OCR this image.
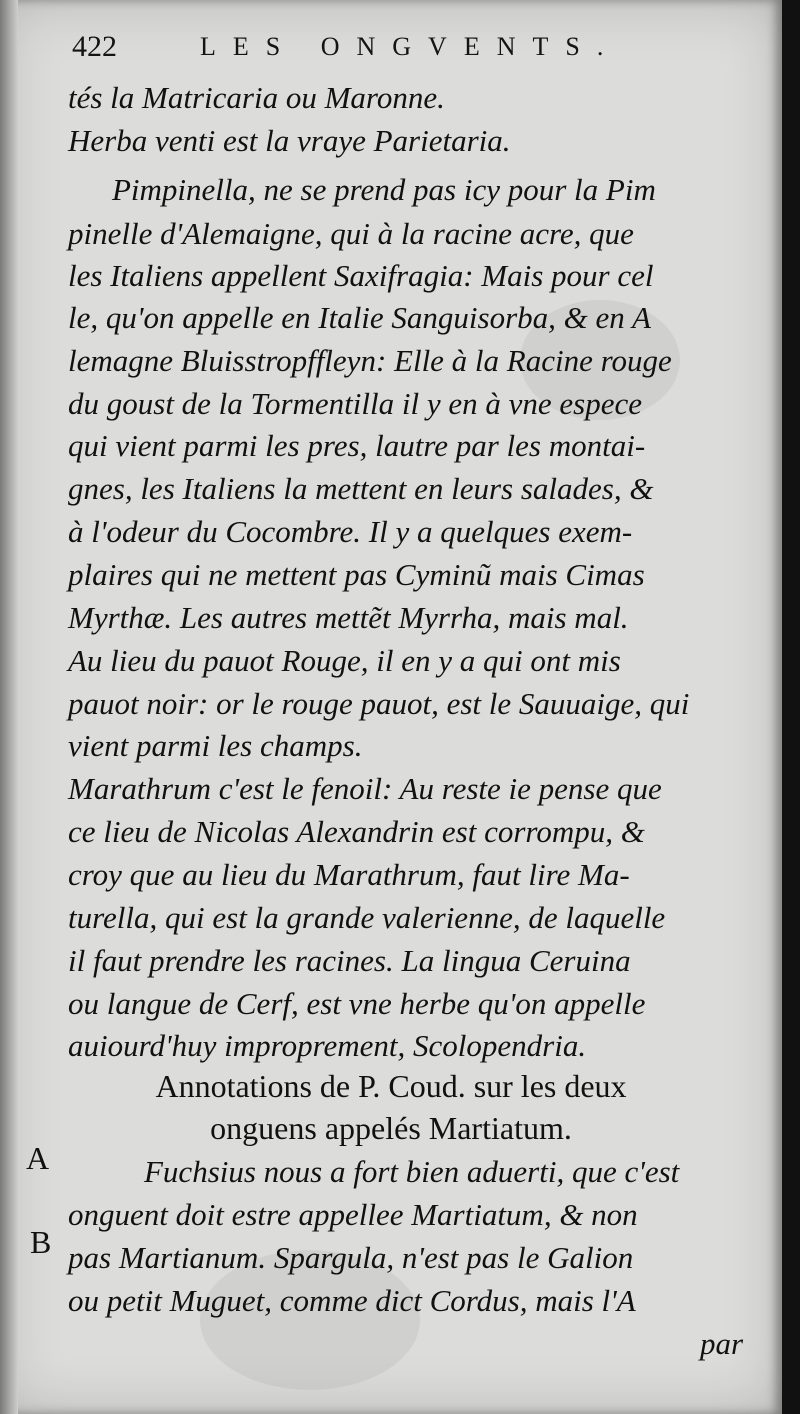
422	LES ONGVENTS.
tés la Matricaria ou Maronne.
Herba venti est la vraye Parietaria.
Pimpinella, ne se prend pas icy pour la Pim
pinelle d'Alemaigne, qui à la racine acre, que
les Italiens appellent Saxifragia: Mais pour cel
le, qu'on appelle en Italie Sanguisorba, & en A
lemagne Bluisstropffleyn: Elle à la Racine rouge
du goust de la Tormentilla il y en à vne espece
qui vient parmi les pres, lautre par les montai-
gnes, les Italiens la mettent en leurs salades, &
à l'odeur du Cocombre. Il y a quelques exem-
plaires qui ne mettent pas Cyminũ mais Cimas
Myrthæ. Les autres mettẽt Myrrha, mais mal.
Au lieu du pauot Rouge, il en y a qui ont mis
pauot noir: or le rouge pauot, est le Sauuaige, qui
vient parmi les champs.
Marathrum c'est le fenoil: Au reste ie pense que
ce lieu de Nicolas Alexandrin est corrompu, &
croy que au lieu du Marathrum, faut lire Ma-
turella, qui est la grande valerienne, de laquelle
il faut prendre les racines. La lingua Ceruina
ou langue de Cerf, est vne herbe qu'on appelle
auiourd'huy improprement, Scolopendria.
Annotations de P. Coud. sur les deux
onguens appelés Martiatum.
A
B
Fuchsius nous a fort bien aduerti, que c'est
onguent doit estre appellee Martiatum, & non
pas Martianum. Spargula, n'est pas le Galion
ou petit Muguet, comme dict Cordus, mais l'A
par
